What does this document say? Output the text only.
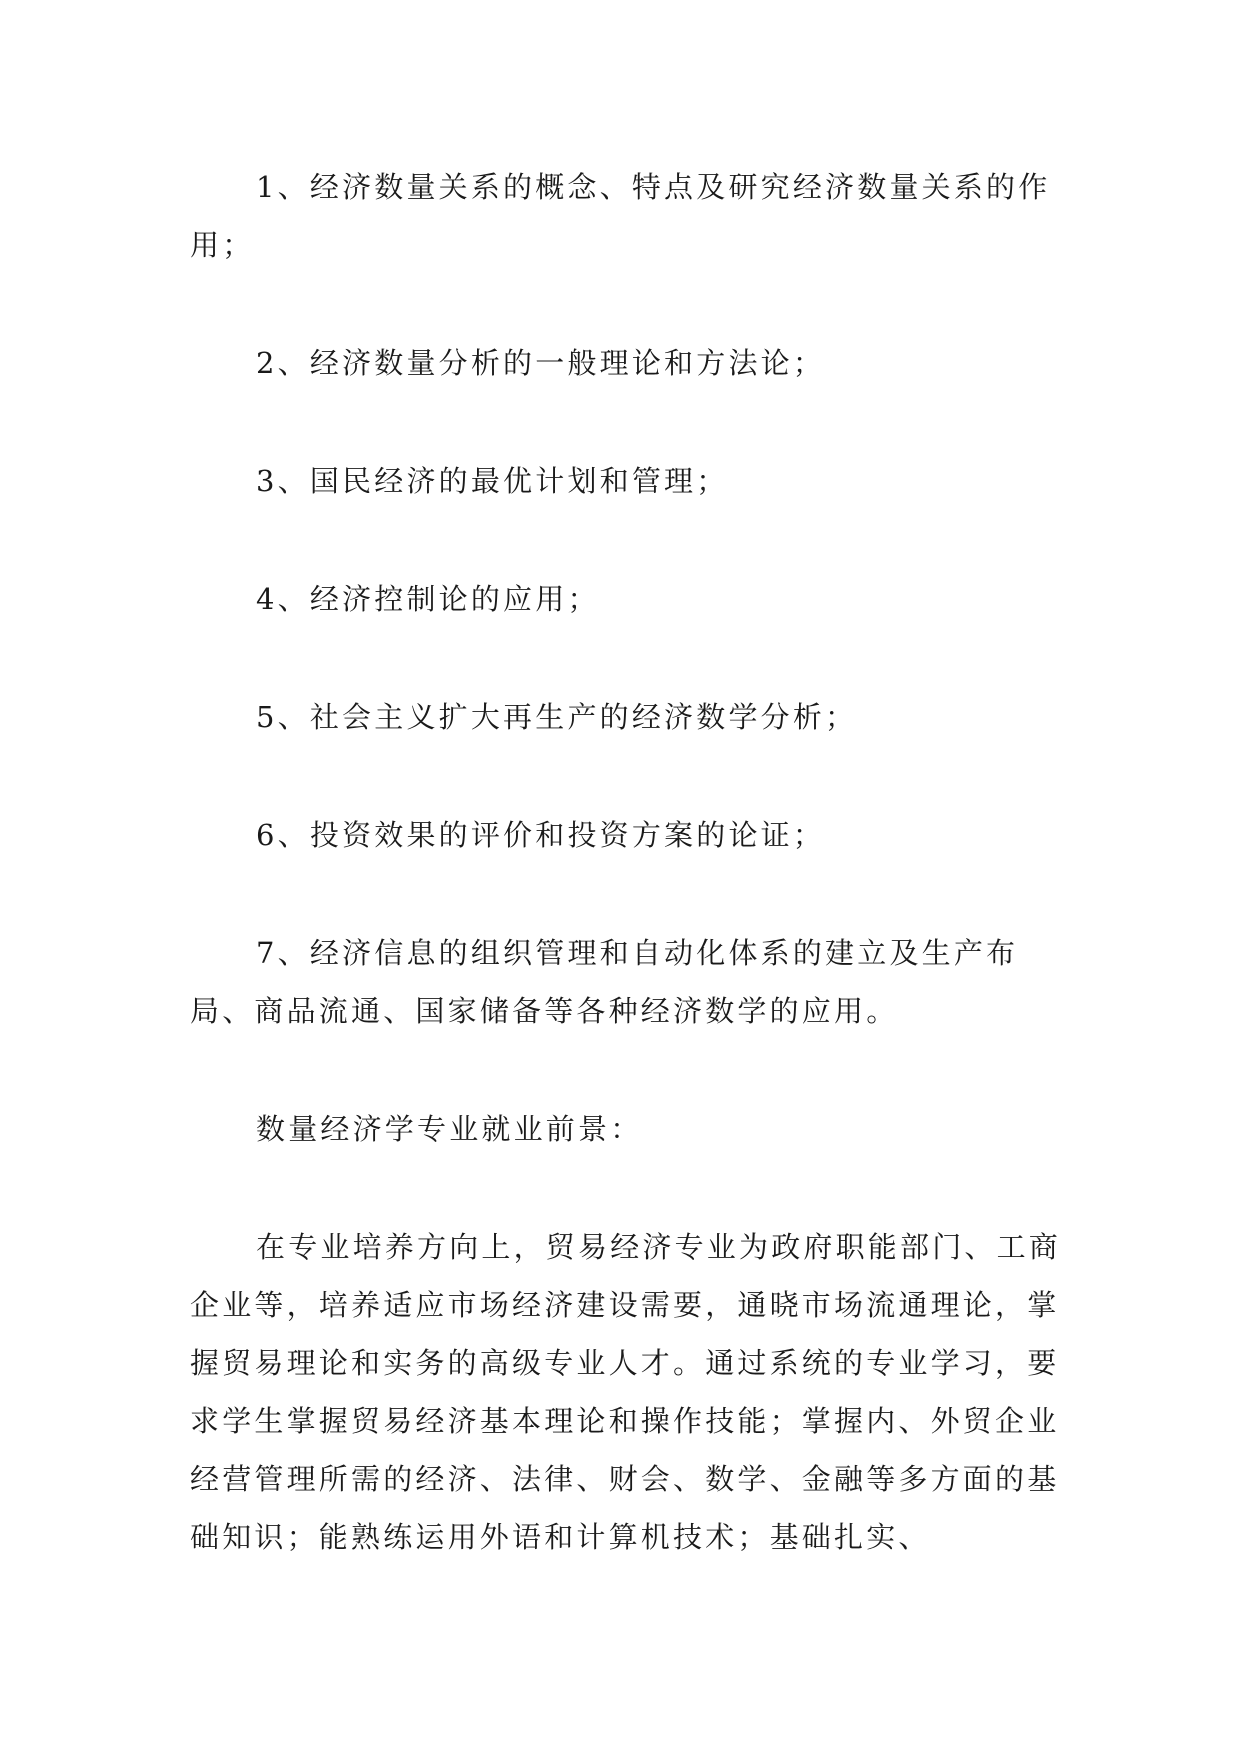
1、经济数量关系的概念、特点及研究经济数量关系的作用；

2、经济数量分析的一般理论和方法论；

3、国民经济的最优计划和管理；

4、经济控制论的应用；

5、社会主义扩大再生产的经济数学分析；

6、投资效果的评价和投资方案的论证；

7、经济信息的组织管理和自动化体系的建立及生产布局、商品流通、国家储备等各种经济数学的应用。

数量经济学专业就业前景：

在专业培养方向上，贸易经济专业为政府职能部门、工商企业等，培养适应市场经济建设需要，通晓市场流通理论，掌握贸易理论和实务的高级专业人才。通过系统的专业学习，要求学生掌握贸易经济基本理论和操作技能；掌握内、外贸企业经营管理所需的经济、法律、财会、数学、金融等多方面的基础知识；能熟练运用外语和计算机技术；基础扎实、
